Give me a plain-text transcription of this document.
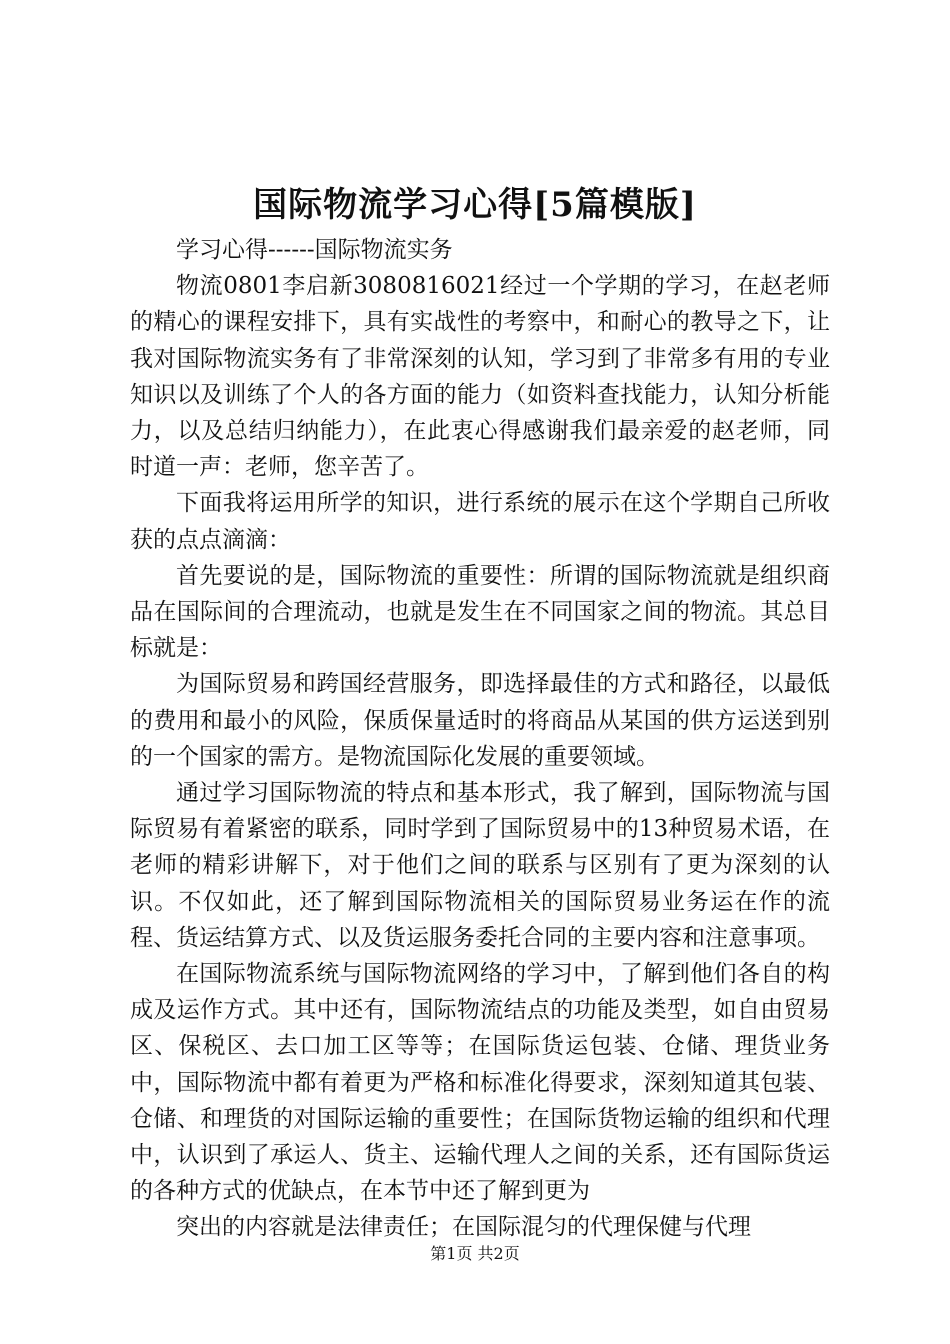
国际物流学习心得[5篇模版]

学习心得------国际物流实务

物流0801李启新3080816021经过一个学期的学习，在赵老师的精心的课程安排下，具有实战性的考察中，和耐心的教导之下，让我对国际物流实务有了非常深刻的认知，学习到了非常多有用的专业知识以及训练了个人的各方面的能力（如资料查找能力，认知分析能力，以及总结归纳能力），在此衷心得感谢我们最亲爱的赵老师，同时道一声：老师，您辛苦了。

下面我将运用所学的知识，进行系统的展示在这个学期自己所收获的点点滴滴：

首先要说的是，国际物流的重要性：所谓的国际物流就是组织商品在国际间的合理流动，也就是发生在不同国家之间的物流。其总目标就是：

为国际贸易和跨国经营服务，即选择最佳的方式和路径，以最低的费用和最小的风险，保质保量适时的将商品从某国的供方运送到别的一个国家的需方。是物流国际化发展的重要领域。

通过学习国际物流的特点和基本形式，我了解到，国际物流与国际贸易有着紧密的联系，同时学到了国际贸易中的13种贸易术语，在老师的精彩讲解下，对于他们之间的联系与区别有了更为深刻的认识。不仅如此，还了解到国际物流相关的国际贸易业务运在作的流程、货运结算方式、以及货运服务委托合同的主要内容和注意事项。

在国际物流系统与国际物流网络的学习中，了解到他们各自的构成及运作方式。其中还有，国际物流结点的功能及类型，如自由贸易区、保税区、去口加工区等等；在国际货运包装、仓储、理货业务中，国际物流中都有着更为严格和标准化得要求，深刻知道其包装、仓储、和理货的对国际运输的重要性；在国际货物运输的组织和代理中，认识到了承运人、货主、运输代理人之间的关系，还有国际货运的各种方式的优缺点，在本节中还了解到更为

突出的内容就是法律责任；在国际混匀的代理保健与代理

第1页 共2页
